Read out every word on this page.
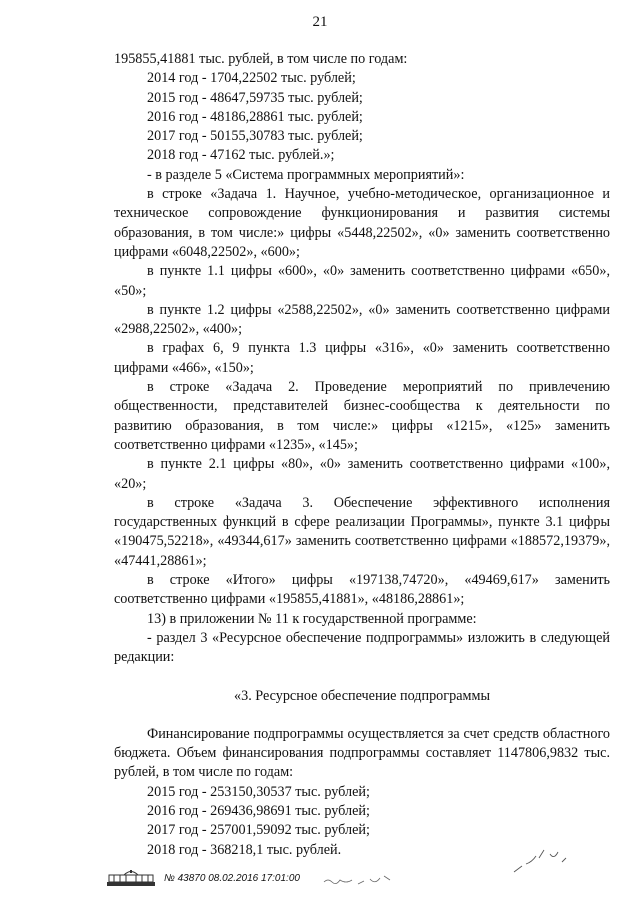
21

195855,41881 тыс. рублей, в том числе по годам:

2014 год - 1704,22502 тыс. рублей;

2015 год - 48647,59735 тыс. рублей;

2016 год - 48186,28861 тыс. рублей;

2017 год - 50155,30783 тыс. рублей;

2018 год - 47162 тыс. рублей.»;

- в разделе 5 «Система программных мероприятий»:

в строке «Задача 1. Научное, учебно-методическое, организационное и техническое сопровождение функционирования и развития системы образования, в том числе:» цифры «5448,22502», «0» заменить соответственно цифрами «6048,22502», «600»;

в пункте 1.1 цифры «600», «0» заменить соответственно цифрами «650», «50»;

в пункте 1.2 цифры «2588,22502», «0» заменить соответственно цифрами «2988,22502», «400»;

в графах 6, 9 пункта 1.3 цифры «316», «0» заменить соответственно цифрами «466», «150»;

в строке «Задача 2. Проведение мероприятий по привлечению общественности, представителей бизнес-сообщества к деятельности по развитию образования, в том числе:» цифры «1215», «125» заменить соответственно цифрами «1235», «145»;

в пункте 2.1 цифры «80», «0» заменить соответственно цифрами «100», «20»;

в строке «Задача 3. Обеспечение эффективного исполнения государственных функций в сфере реализации Программы», пункте 3.1 цифры «190475,52218», «49344,617» заменить соответственно цифрами «188572,19379», «47441,28861»;

в строке «Итого» цифры «197138,74720», «49469,617» заменить соответственно цифрами «195855,41881», «48186,28861»;

13) в приложении № 11 к государственной программе:

- раздел 3 «Ресурсное обеспечение подпрограммы» изложить в следующей редакции:

«3. Ресурсное обеспечение подпрограммы

Финансирование подпрограммы осуществляется за счет средств областного бюджета. Объем финансирования подпрограммы составляет 1147806,9832 тыс. рублей, в том числе по годам:

2015 год - 253150,30537 тыс. рублей;

2016 год - 269436,98691 тыс. рублей;

2017 год - 257001,59092 тыс. рублей;

2018 год - 368218,1 тыс. рублей.

№ 43870 08.02.2016 17:01:00
